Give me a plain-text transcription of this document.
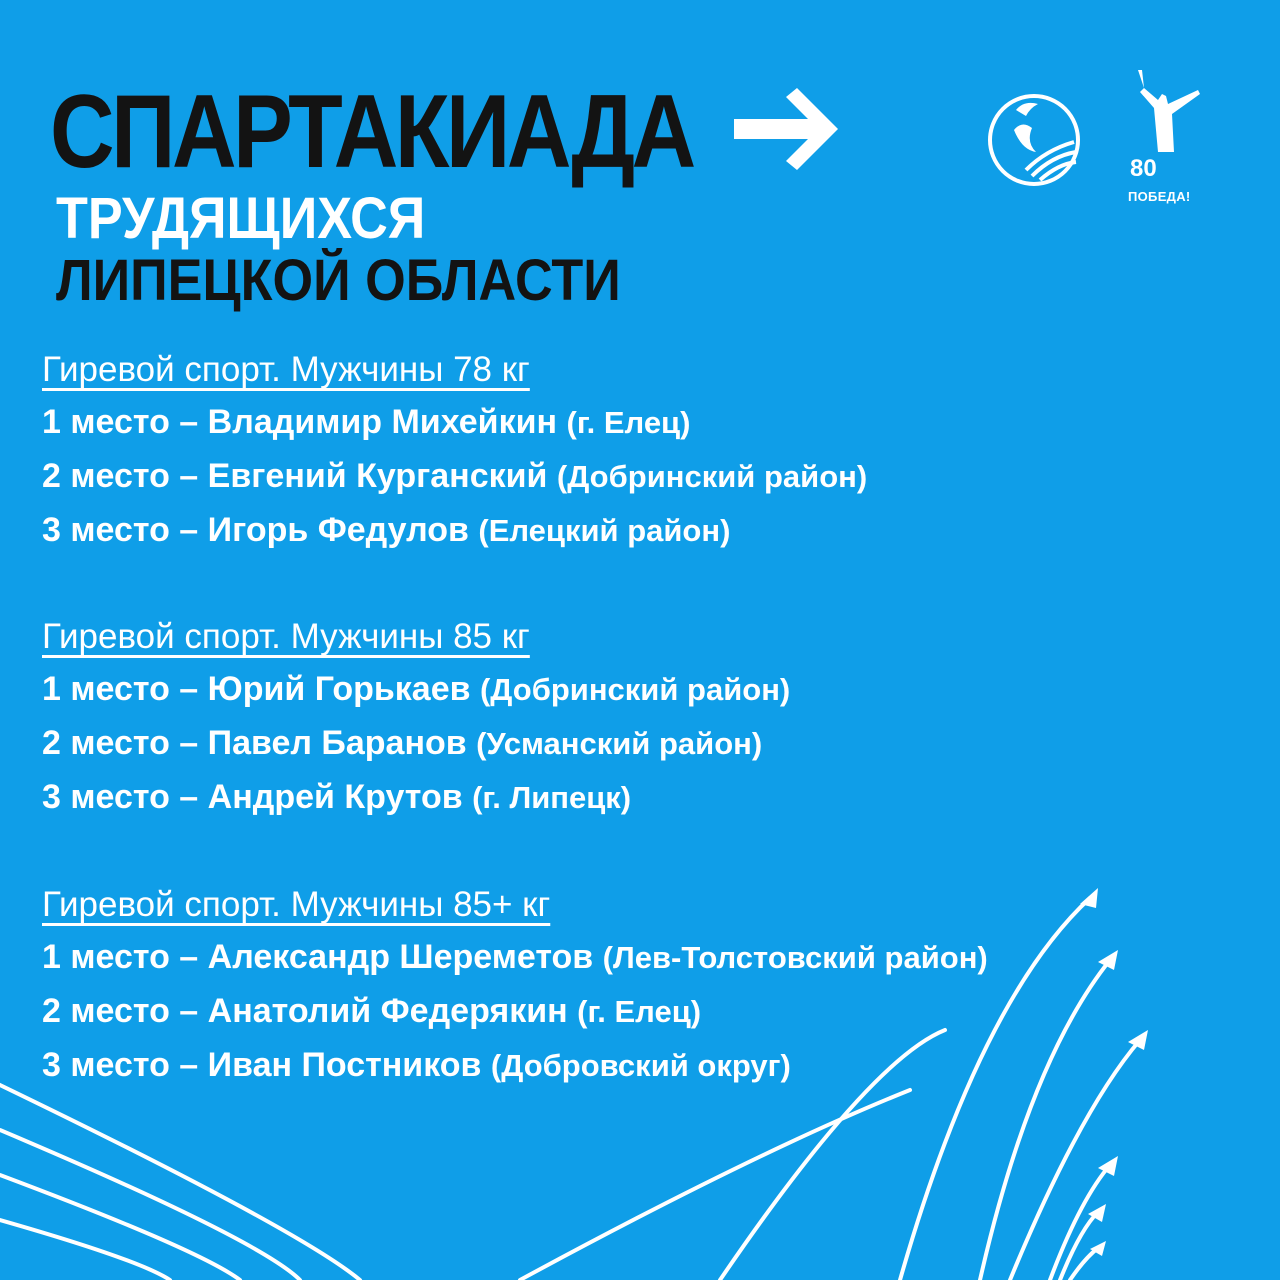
СПАРТАКИАДА
ТРУДЯЩИХСЯ
ЛИПЕЦКОЙ ОБЛАСТИ
80
ПОБЕДА!
Гиревой спорт. Мужчины 78 кг
1 место – Владимир Михейкин (г. Елец)
2 место – Евгений Курганский (Добринский район)
3 место – Игорь Федулов (Елецкий район)
Гиревой спорт. Мужчины 85 кг
1 место – Юрий Горькаев (Добринский район)
2 место – Павел Баранов (Усманский район)
3 место – Андрей Крутов (г. Липецк)
Гиревой спорт. Мужчины 85+ кг
1 место – Александр Шереметов (Лев-Толстовский район)
2 место – Анатолий Федерякин (г. Елец)
3 место – Иван Постников (Добровский округ)
